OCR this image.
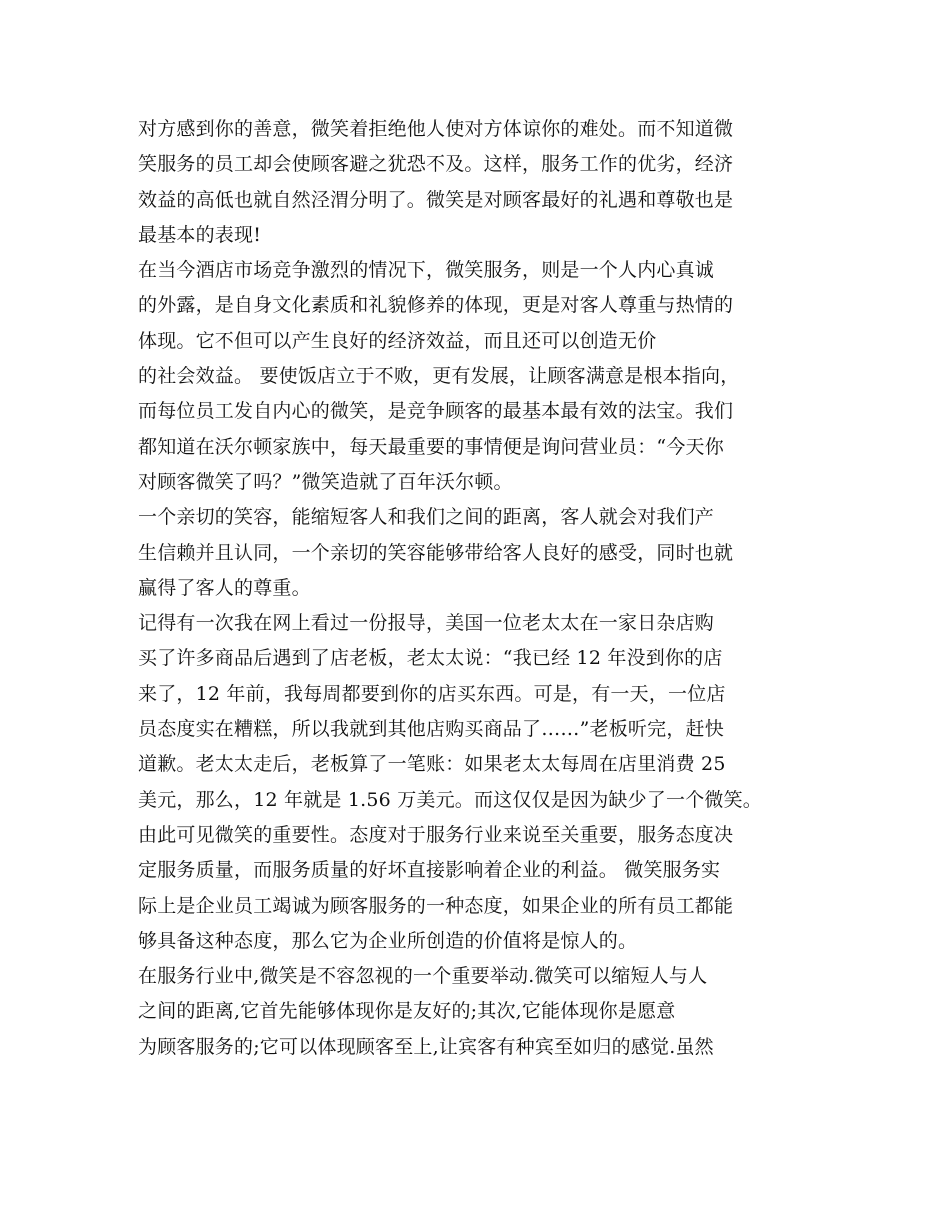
对方感到你的善意，微笑着拒绝他人使对方体谅你的难处。而不知道微
笑服务的员工却会使顾客避之犹恐不及。这样，服务工作的优劣，经济
效益的高低也就自然泾渭分明了。微笑是对顾客最好的礼遇和尊敬也是
最基本的表现!
在当今酒店市场竞争激烈的情况下，微笑服务，则是一个人内心真诚
的外露，是自身文化素质和礼貌修养的体现，更是对客人尊重与热情的
体现。它不但可以产生良好的经济效益，而且还可以创造无价
的社会效益。 要使饭店立于不败，更有发展，让顾客满意是根本指向，
而每位员工发自内心的微笑，是竞争顾客的最基本最有效的法宝。我们
都知道在沃尔顿家族中，每天最重要的事情便是询问营业员：“今天你
对顾客微笑了吗？”微笑造就了百年沃尔顿。
一个亲切的笑容，能缩短客人和我们之间的距离，客人就会对我们产
生信赖并且认同，一个亲切的笑容能够带给客人良好的感受，同时也就
赢得了客人的尊重。
记得有一次我在网上看过一份报导，美国一位老太太在一家日杂店购
买了许多商品后遇到了店老板，老太太说：“我已经 12 年没到你的店
来了，12 年前，我每周都要到你的店买东西。可是，有一天，一位店
员态度实在糟糕，所以我就到其他店购买商品了……”老板听完，赶快
道歉。老太太走后，老板算了一笔账：如果老太太每周在店里消费 25
美元，那么，12 年就是 1.56 万美元。而这仅仅是因为缺少了一个微笑。
由此可见微笑的重要性。态度对于服务行业来说至关重要，服务态度决
定服务质量，而服务质量的好坏直接影响着企业的利益。 微笑服务实
际上是企业员工竭诚为顾客服务的一种态度，如果企业的所有员工都能
够具备这种态度，那么它为企业所创造的价值将是惊人的。
在服务行业中,微笑是不容忽视的一个重要举动.微笑可以缩短人与人
之间的距离,它首先能够体现你是友好的;其次,它能体现你是愿意
为顾客服务的;它可以体现顾客至上,让宾客有种宾至如归的感觉.虽然
